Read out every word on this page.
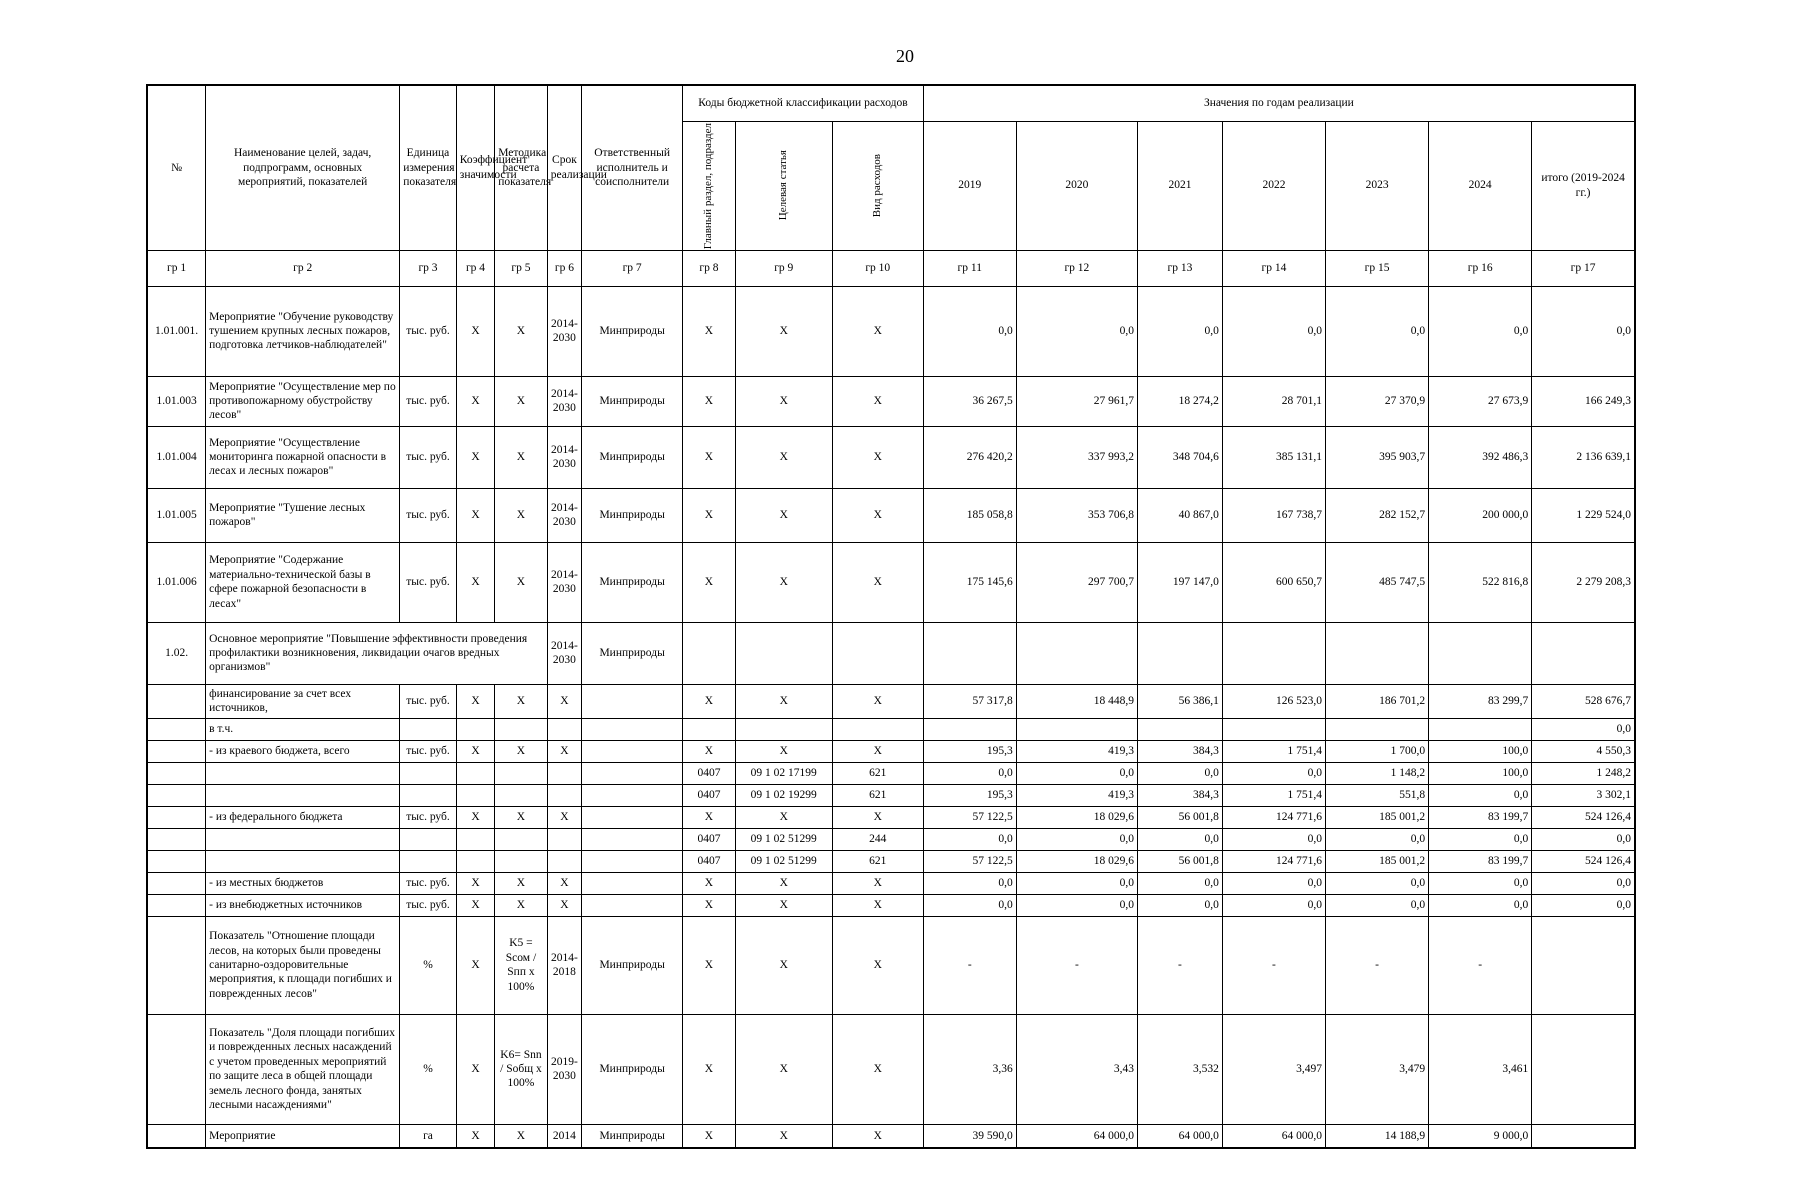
20
№	Наименование целей, задач, подпрограмм, основных мероприятий, показателей	Единица измерения показателя	Коэффициент значимости	Методика расчета показателя	Срок реализации	Ответственный исполнитель и соисполнители	Коды бюджетной классификации расходов			Значения по годам реализации						

							Главный раздел, подраздел	Целевая статья	Вид расходов	2019	2020	2021	2022	2023	2024	итого (2019-2024 гг.)
гр 1	гр 2	гр 3	гр 4	гр 5	гр 6	гр 7	гр 8	гр 9	гр 10	гр 11	гр 12	гр 13	гр 14	гр 15	гр 16	гр 17
1.01.001.	Мероприятие "Обучение руководству тушением крупных лесных пожаров, подготовка летчиков-наблюдателей"	тыс. руб.	X	X	2014-2030	Минприроды	X	X	X	0,0	0,0	0,0	0,0	0,0	0,0	0,0
1.01.003	Мероприятие "Осуществление мер по противопожарному обустройству лесов"	тыс. руб.	X	X	2014-2030	Минприроды	X	X	X	36 267,5	27 961,7	18 274,2	28 701,1	27 370,9	27 673,9	166 249,3
1.01.004	Мероприятие "Осуществление мониторинга пожарной опасности в лесах и лесных пожаров"	тыс. руб.	X	X	2014-2030	Минприроды	X	X	X	276 420,2	337 993,2	348 704,6	385 131,1	395 903,7	392 486,3	2 136 639,1
1.01.005	Мероприятие "Тушение лесных пожаров"	тыс. руб.	X	X	2014-2030	Минприроды	X	X	X	185 058,8	353 706,8	40 867,0	167 738,7	282 152,7	200 000,0	1 229 524,0
1.01.006	Мероприятие "Содержание материально-технической базы в сфере пожарной безопасности в лесах"	тыс. руб.	X	X	2014-2030	Минприроды	X	X	X	175 145,6	297 700,7	197 147,0	600 650,7	485 747,5	522 816,8	2 279 208,3
1.02.	Основное мероприятие "Повышение эффективности проведения профилактики возникновения, ликвидации очагов вредных организмов"				2014-2030	Минприроды										
	финансирование за счет всех источников,	тыс. руб.	X	X	X		X	X	X	57 317,8	18 448,9	56 386,1	126 523,0	186 701,2	83 299,7	528 676,7
	в т.ч.															0,0
	- из краевого бюджета, всего	тыс. руб.	X	X	X		X	X	X	195,3	419,3	384,3	1 751,4	1 700,0	100,0	4 550,3
							0407	09 1 02 17199	621	0,0	0,0	0,0	0,0	1 148,2	100,0	1 248,2
							0407	09 1 02 19299	621	195,3	419,3	384,3	1 751,4	551,8	0,0	3 302,1
	- из федерального бюджета	тыс. руб.	X	X	X		X	X	X	57 122,5	18 029,6	56 001,8	124 771,6	185 001,2	83 199,7	524 126,4
							0407	09 1 02 51299	244	0,0	0,0	0,0	0,0	0,0	0,0	0,0
							0407	09 1 02 51299	621	57 122,5	18 029,6	56 001,8	124 771,6	185 001,2	83 199,7	524 126,4
	- из местных бюджетов	тыс. руб.	X	X	X		X	X	X	0,0	0,0	0,0	0,0	0,0	0,0	0,0
	- из внебюджетных источников	тыс. руб.	X	X	X		X	X	X	0,0	0,0	0,0	0,0	0,0	0,0	0,0
	Показатель "Отношение площади лесов, на которых были проведены санитарно-оздоровительные мероприятия, к площади погибших и поврежденных лесов"	%	X	K5 = Sсом / Sпп x 100%	2014-2018	Минприроды	X	X	X	-	-	-	-	-	-	
	Показатель "Доля площади погибших и поврежденных лесных насаждений с учетом проведенных мероприятий по защите леса в общей площади земель лесного фонда, занятых лесными насаждениями"	%	X	K6= Snn / Sобщ x 100%	2019-2030	Минприроды	X	X	X	3,36	3,43	3,532	3,497	3,479	3,461	
	Мероприятие	га	X	X	2014	Минприроды	X	X	X	39 590,0	64 000,0	64 000,0	64 000,0	14 188,9	9 000,0	
